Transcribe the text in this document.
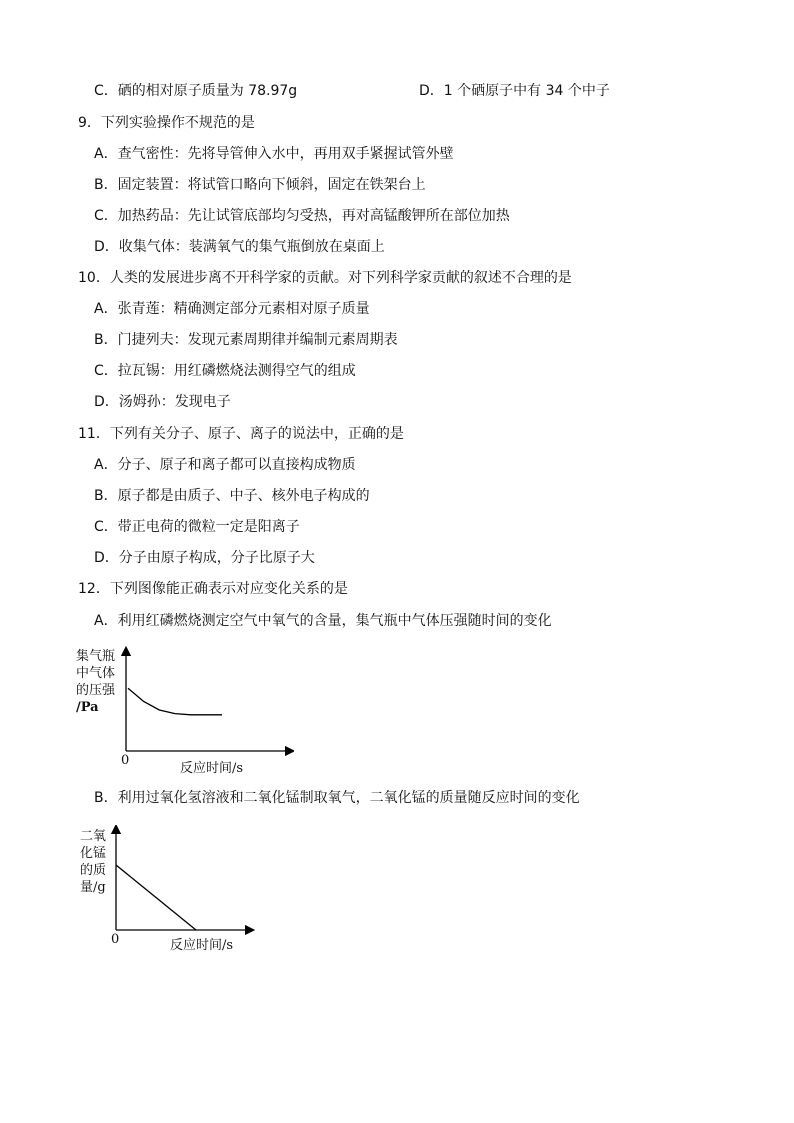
C．硒的相对原子质量为 78.97g	D．1 个硒原子中有 34 个中子
9．下列实验操作不规范的是
A．查气密性：先将导管伸入水中，再用双手紧握试管外壁
B．固定装置：将试管口略向下倾斜，固定在铁架台上
C．加热药品：先让试管底部均匀受热，再对高锰酸钾所在部位加热
D．收集气体：装满氧气的集气瓶倒放在桌面上
10．人类的发展进步离不开科学家的贡献。对下列科学家贡献的叙述不合理的是
A．张青莲：精确测定部分元素相对原子质量
B．门捷列夫：发现元素周期律并编制元素周期表
C．拉瓦锡：用红磷燃烧法测得空气的组成
D．汤姆孙：发现电子
11．下列有关分子、原子、离子的说法中，正确的是
A．分子、原子和离子都可以直接构成物质
B．原子都是由质子、中子、核外电子构成的
C．带正电荷的微粒一定是阳离子
D．分子由原子构成，分子比原子大
12．下列图像能正确表示对应变化关系的是
A．利用红磷燃烧测定空气中氧气的含量，集气瓶中气体压强随时间的变化
集气瓶
中气体
的压强
/Pa
0
反应时间/s
B．利用过氧化氢溶液和二氧化锰制取氧气，二氧化锰的质量随反应时间的变化
二氧
化锰
的质
量/g
0	反应时间/s
